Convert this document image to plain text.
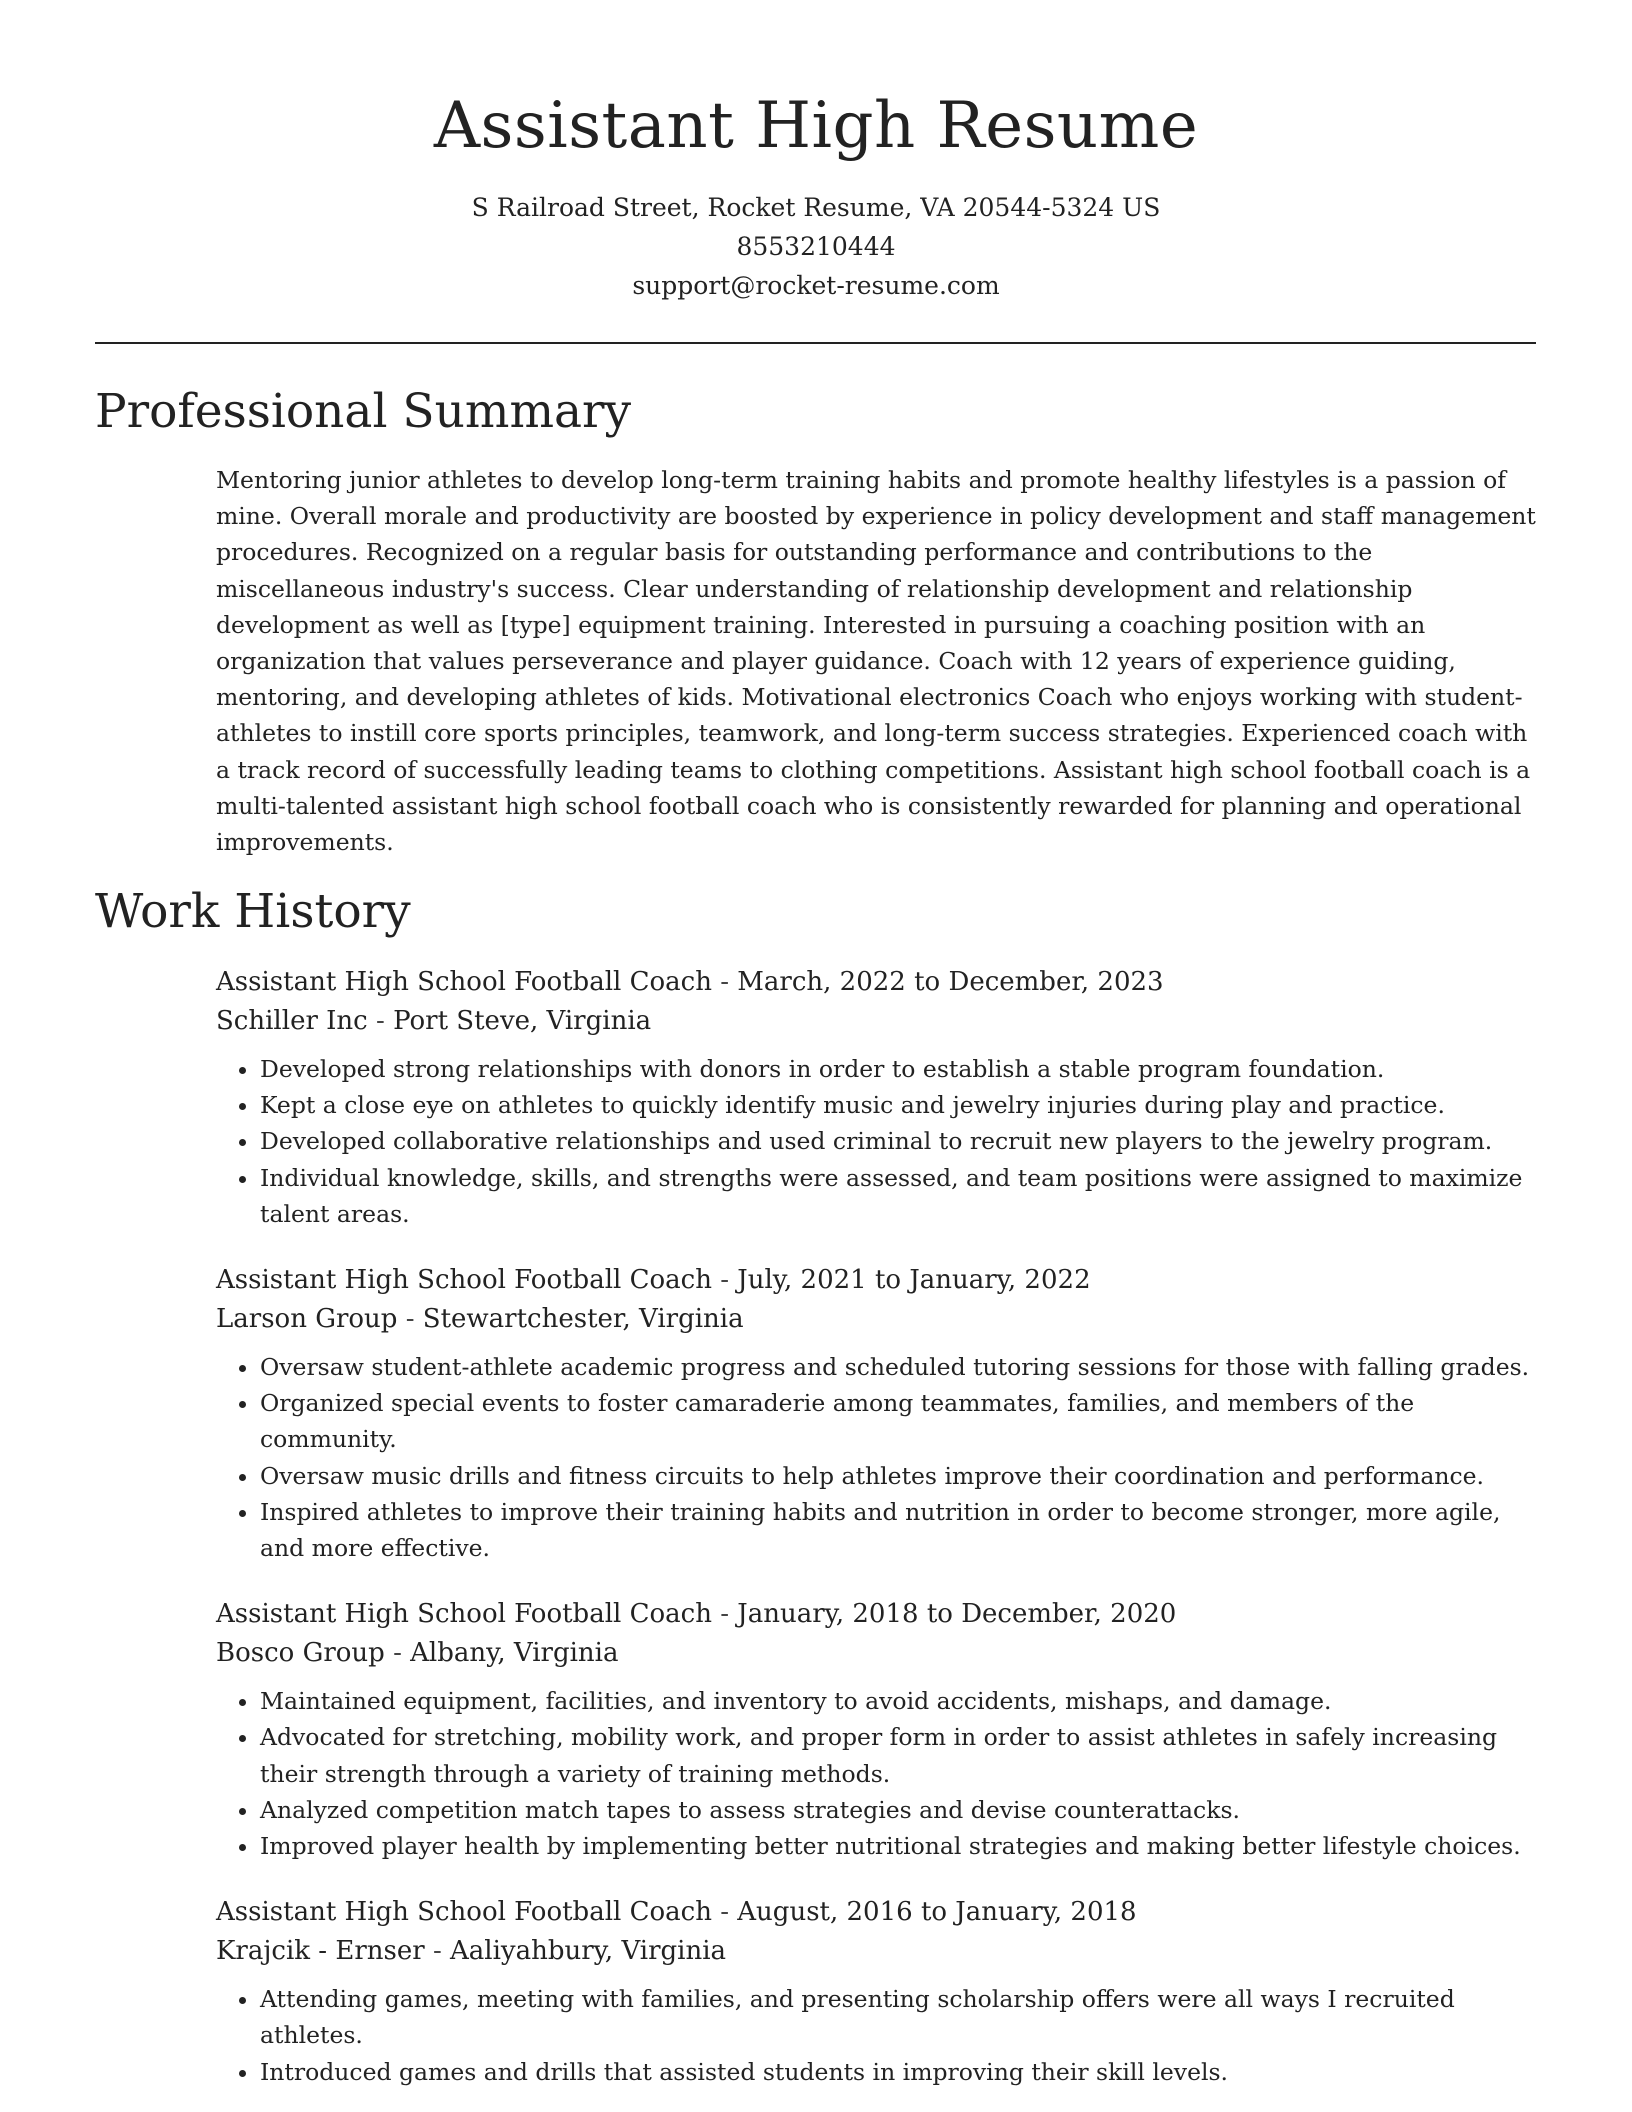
Assistant High Resume
S Railroad Street, Rocket Resume, VA 20544-5324 US
8553210444
support@rocket-resume.com
Professional Summary

Mentoring junior athletes to develop long-term training habits and promote healthy lifestyles is a passion of mine. Overall morale and productivity are boosted by experience in policy development and staff management procedures. Recognized on a regular basis for outstanding performance and contributions to the miscellaneous industry's success. Clear understanding of relationship development and relationship development as well as [type] equipment training. Interested in pursuing a coaching position with an organization that values perseverance and player guidance. Coach with 12 years of experience guiding, mentoring, and developing athletes of kids. Motivational electronics Coach who enjoys working with student-athletes to instill core sports principles, teamwork, and long-term success strategies. Experienced coach with a track record of successfully leading teams to clothing competitions. Assistant high school football coach is a multi-talented assistant high school football coach who is consistently rewarded for planning and operational improvements.

Work History
Assistant High School Football Coach - March, 2022 to December, 2023
Schiller Inc - Port Steve, Virginia
• Developed strong relationships with donors in order to establish a stable program foundation.
• Kept a close eye on athletes to quickly identify music and jewelry injuries during play and practice.
• Developed collaborative relationships and used criminal to recruit new players to the jewelry program.
• Individual knowledge, skills, and strengths were assessed, and team positions were assigned to maximize talent areas.
Assistant High School Football Coach - July, 2021 to January, 2022
Larson Group - Stewartchester, Virginia
• Oversaw student-athlete academic progress and scheduled tutoring sessions for those with falling grades.
• Organized special events to foster camaraderie among teammates, families, and members of the community.
• Oversaw music drills and fitness circuits to help athletes improve their coordination and performance.
• Inspired athletes to improve their training habits and nutrition in order to become stronger, more agile, and more effective.
Assistant High School Football Coach - January, 2018 to December, 2020
Bosco Group - Albany, Virginia
• Maintained equipment, facilities, and inventory to avoid accidents, mishaps, and damage.
• Advocated for stretching, mobility work, and proper form in order to assist athletes in safely increasing their strength through a variety of training methods.
• Analyzed competition match tapes to assess strategies and devise counterattacks.
• Improved player health by implementing better nutritional strategies and making better lifestyle choices.
Assistant High School Football Coach - August, 2016 to January, 2018
Krajcik - Ernser - Aaliyahbury, Virginia
• Attending games, meeting with families, and presenting scholarship offers were all ways I recruited athletes.
• Introduced games and drills that assisted students in improving their skill levels.
